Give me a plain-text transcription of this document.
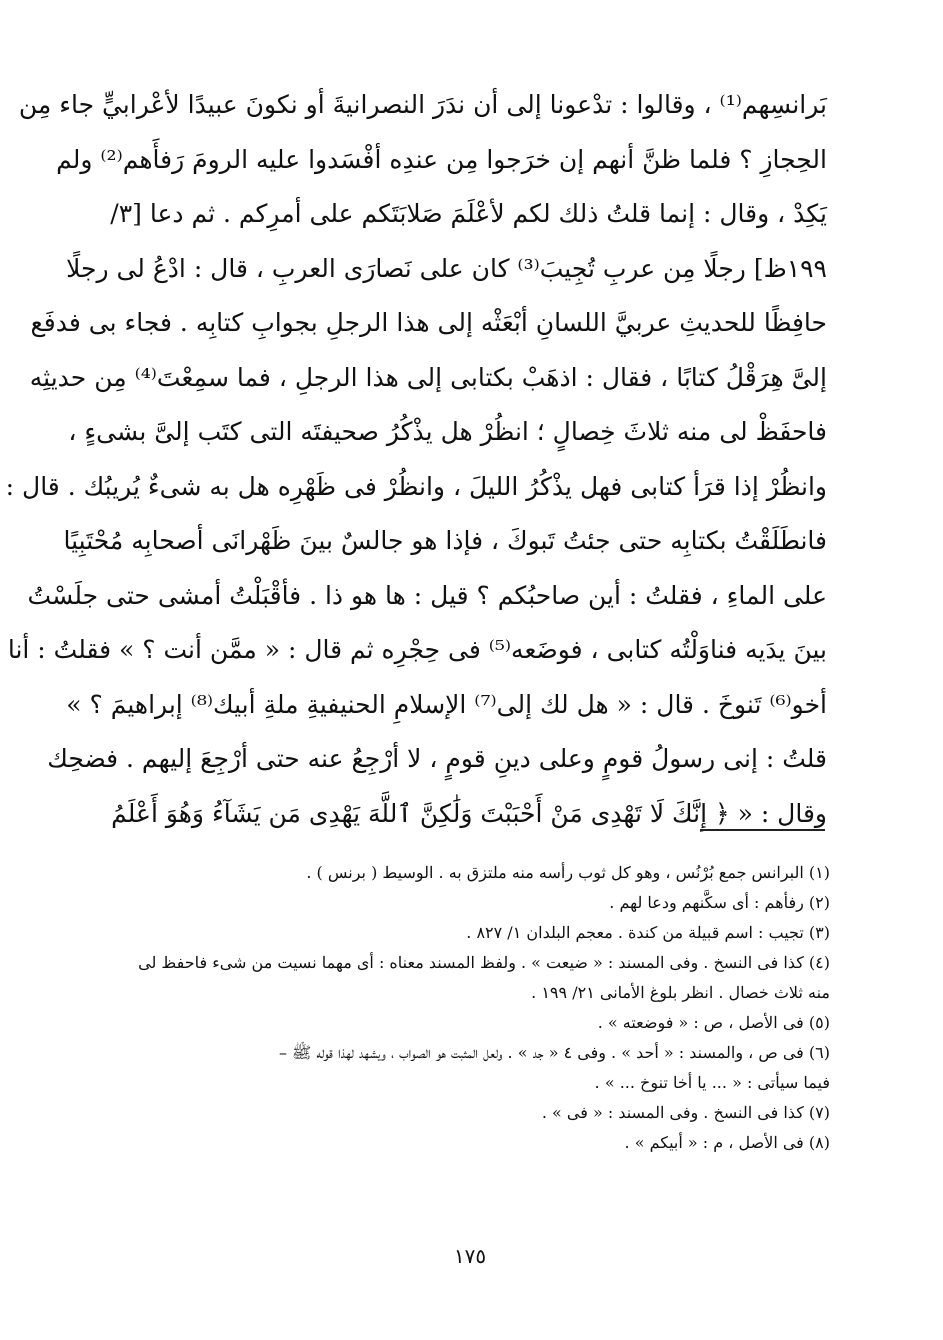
بَرانسِهم⁽¹⁾ ، وقالوا : تدْعونا إلى أن ندَرَ النصرانيةَ أو نكونَ عبيدًا لأعْرابيٍّ جاء مِن
الحِجازِ ؟ فلما ظنَّ أنهم إن خرَجوا مِن عندِه أفْسَدوا عليه الرومَ رَفأَهم⁽²⁾ ولم
يَكِدْ ، وقال : إنما قلتُ ذلك لكم لأعْلَمَ صَلابَتَكم على أمرِكم . ثم دعا [٣/
١٩٩ظ] رجلًا مِن عربِ تُجِيبَ⁽³⁾ كان على نَصارَى العربِ ، قال : ادْعُ لى رجلًا
حافِظًا للحديثِ عربيَّ اللسانِ أبْعَثْه إلى هذا الرجلِ بجوابِ كتابِه . فجاء بى فدفَع
إلىَّ هِرَقْلُ كتابًا ، فقال : اذهَبْ بكتابى إلى هذا الرجلِ ، فما سمِعْتَ⁽⁴⁾ مِن حديثِه
فاحفَظْ لى منه ثلاثَ خِصالٍ ؛ انظُرْ هل يذْكُرُ صحيفتَه التى كتَب إلىَّ بشىءٍ ،
وانظُرْ إذا قرَأ كتابى فهل يذْكُرُ الليلَ ، وانظُرْ فى ظَهْرِه هل به شىءٌ يُريبُك . قال :
فانطَلَقْتُ بكتابِه حتى جئتُ تَبوكَ ، فإذا هو جالسٌ بينَ ظَهْرانَى أصحابِه مُحْتَبِيًا
على الماءِ ، فقلتُ : أين صاحبُكم ؟ قيل : ها هو ذا . فأقْبَلْتُ أمشى حتى جلَسْتُ
بينَ يدَيه فناوَلْتُه كتابى ، فوضَعه⁽⁵⁾ فى حِجْرِه ثم قال : « ممَّن أنت ؟ » فقلتُ : أنا
أخو⁽⁶⁾ تَنوخَ . قال : « هل لك إلى⁽⁷⁾ الإسلامِ الحنيفيةِ ملةِ أبيك⁽⁸⁾ إبراهيمَ ؟ »
قلتُ : إنى رسولُ قومٍ وعلى دينِ قومٍ ، لا أرْجِعُ عنه حتى أرْجِعَ إليهم . فضحِك
وقال : « ﴿ إِنَّكَ لَا تَهْدِى مَنْ أَحْبَبْتَ وَلَٰكِنَّ ٱللَّهَ يَهْدِى مَن يَشَآءُ وَهُوَ أَعْلَمُ
(١) البرانس جمع بُرْنُس ، وهو كل ثوب رأسه منه ملتزق به . الوسيط ( برنس ) .
(٢) رفأهم : أى سكَّنهم ودعا لهم .
(٣) تجيب : اسم قبيلة من كندة . معجم البلدان ١/ ٨٢٧ .
(٤) كذا فى النسخ . وفى المسند : « ضيعت » . ولفظ المسند معناه : أى مهما نسيت من شىء فاحفظ لى
منه ثلاث خصال . انظر بلوغ الأمانى ٢١/ ١٩٩ .
(٥) فى الأصل ، ص : « فوضعته » .
(٦) فى ص ، والمسند : « أحد » . وفى ٤ « جد » . ولعل المثبت هو الصواب ، ويشهد لهذا قوله ﷺ –
فيما سيأتى : « ... يا أخا تنوخ ... » .
(٧) كذا فى النسخ . وفى المسند : « فى » .
(٨) فى الأصل ، م : « أبيكم » .
١٧٥
